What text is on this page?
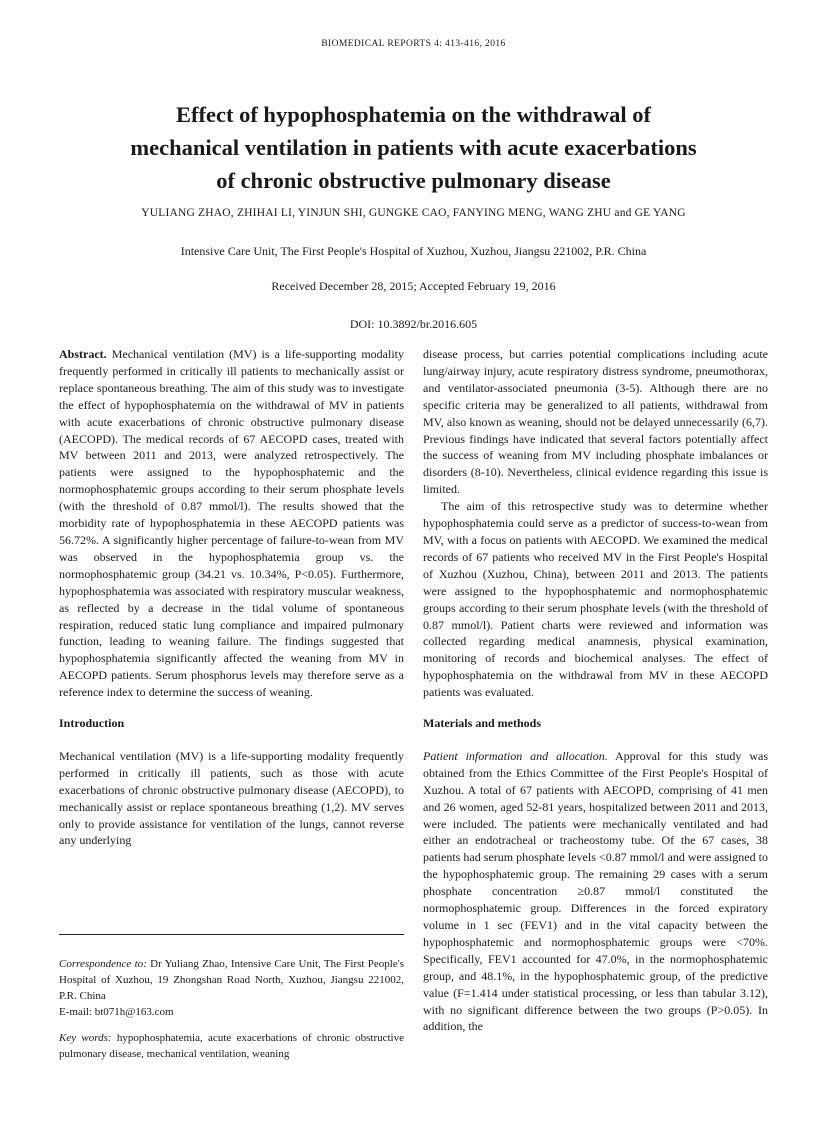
BIOMEDICAL REPORTS 4: 413-416, 2016
Effect of hypophosphatemia on the withdrawal of
mechanical ventilation in patients with acute exacerbations
of chronic obstructive pulmonary disease
YULIANG ZHAO, ZHIHAI LI, YINJUN SHI, GUNGKE CAO, FANYING MENG, WANG ZHU and GE YANG
Intensive Care Unit, The First People's Hospital of Xuzhou, Xuzhou, Jiangsu 221002, P.R. China
Received December 28, 2015; Accepted February 19, 2016
DOI: 10.3892/br.2016.605

Abstract. Mechanical ventilation (MV) is a life-supporting modality frequently performed in critically ill patients to mechanically assist or replace spontaneous breathing. The aim of this study was to investigate the effect of hypophosphatemia on the withdrawal of MV in patients with acute exacerbations of chronic obstructive pulmonary disease (AECOPD). The medical records of 67 AECOPD cases, treated with MV between 2011 and 2013, were analyzed retrospectively. The patients were assigned to the hypophosphatemic and the normophosphatemic groups according to their serum phosphate levels (with the threshold of 0.87 mmol/l). The results showed that the morbidity rate of hypophosphatemia in these AECOPD patients was 56.72%. A significantly higher percentage of failure-to-wean from MV was observed in the hypophosphatemia group vs. the normophosphatemic group (34.21 vs. 10.34%, P<0.05). Furthermore, hypophosphatemia was associated with respiratory muscular weakness, as reflected by a decrease in the tidal volume of spontaneous respiration, reduced static lung compliance and impaired pulmonary function, leading to weaning failure. The findings suggested that hypophosphatemia significantly affected the weaning from MV in AECOPD patients. Serum phosphorus levels may therefore serve as a reference index to determine the success of weaning.

Introduction

Mechanical ventilation (MV) is a life-supporting modality frequently performed in critically ill patients, such as those with acute exacerbations of chronic obstructive pulmonary disease (AECOPD), to mechanically assist or replace spontaneous breathing (1,2). MV serves only to provide assistance for ventilation of the lungs, cannot reverse any underlying

Correspondence to: Dr Yuliang Zhao, Intensive Care Unit, The First People's Hospital of Xuzhou, 19 Zhongshan Road North, Xuzhou, Jiangsu 221002, P.R. China

E-mail: bt071h@163.com

Key words: hypophosphatemia, acute exacerbations of chronic obstructive pulmonary disease, mechanical ventilation, weaning

disease process, but carries potential complications including acute lung/airway injury, acute respiratory distress syndrome, pneumothorax, and ventilator-associated pneumonia (3-5). Although there are no specific criteria may be generalized to all patients, withdrawal from MV, also known as weaning, should not be delayed unnecessarily (6,7). Previous findings have indicated that several factors potentially affect the success of weaning from MV including phosphate imbalances or disorders (8-10). Nevertheless, clinical evidence regarding this issue is limited.

The aim of this retrospective study was to determine whether hypophosphatemia could serve as a predictor of success-to-wean from MV, with a focus on patients with AECOPD. We examined the medical records of 67 patients who received MV in the First People's Hospital of Xuzhou (Xuzhou, China), between 2011 and 2013. The patients were assigned to the hypophosphatemic and normophosphatemic groups according to their serum phosphate levels (with the threshold of 0.87 mmol/l). Patient charts were reviewed and information was collected regarding medical anamnesis, physical examination, monitoring of records and biochemical analyses. The effect of hypophosphatemia on the withdrawal from MV in these AECOPD patients was evaluated.

Materials and methods

Patient information and allocation. Approval for this study was obtained from the Ethics Committee of the First People's Hospital of Xuzhou. A total of 67 patients with AECOPD, comprising of 41 men and 26 women, aged 52-81 years, hospitalized between 2011 and 2013, were included. The patients were mechanically ventilated and had either an endotracheal or tracheostomy tube. Of the 67 cases, 38 patients had serum phosphate levels <0.87 mmol/l and were assigned to the hypophosphatemic group. The remaining 29 cases with a serum phosphate concentration ≥0.87 mmol/l constituted the normophosphatemic group. Differences in the forced expiratory volume in 1 sec (FEV1) and in the vital capacity between the hypophosphatemic and normophosphatemic groups were <70%. Specifically, FEV1 accounted for 47.0%, in the normophosphatemic group, and 48.1%, in the hypophosphatemic group, of the predictive value (F=1.414 under statistical processing, or less than tabular 3.12), with no significant difference between the two groups (P>0.05). In addition, the
